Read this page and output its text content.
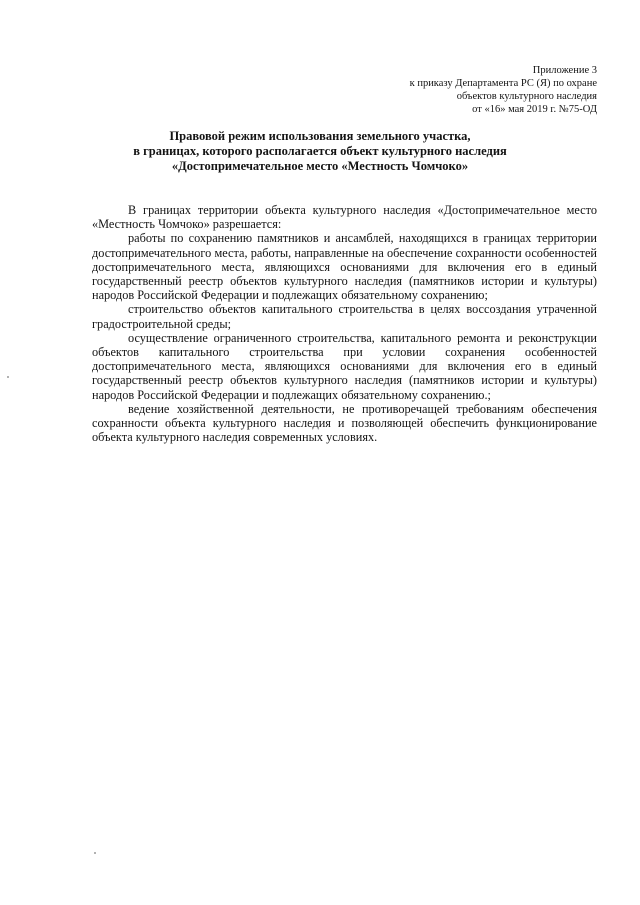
Приложение 3
к приказу Департамента РС (Я) по охране
объектов культурного наследия
от «16» мая 2019 г. №75-ОД
Правовой режим использования земельного участка,
в границах, которого располагается объект культурного наследия
«Достопримечательное место «Местность Чомчоко»

В границах территории объекта культурного наследия «Достопримечательное место «Местность Чомчоко» разрешается:

работы по сохранению памятников и ансамблей, находящихся в границах территории достопримечательного места, работы, направленные на обеспечение сохранности особенностей достопримечательного места, являющихся основаниями для включения его в единый государственный реестр объектов культурного наследия (памятников истории и культуры) народов Российской Федерации и подлежащих обязательному сохранению;

строительство объектов капитального строительства в целях воссоздания утраченной градостроительной среды;

осуществление ограниченного строительства, капитального ремонта и реконструкции объектов капитального строительства при условии сохранения особенностей достопримечательного места, являющихся основаниями для включения его в единый государственный реестр объектов культурного наследия (памятников истории и культуры) народов Российской Федерации и подлежащих обязательному сохранению.;

ведение хозяйственной деятельности, не противоречащей требованиям обеспечения сохранности объекта культурного наследия и позволяющей обеспечить функционирование объекта культурного наследия современных условиях.
